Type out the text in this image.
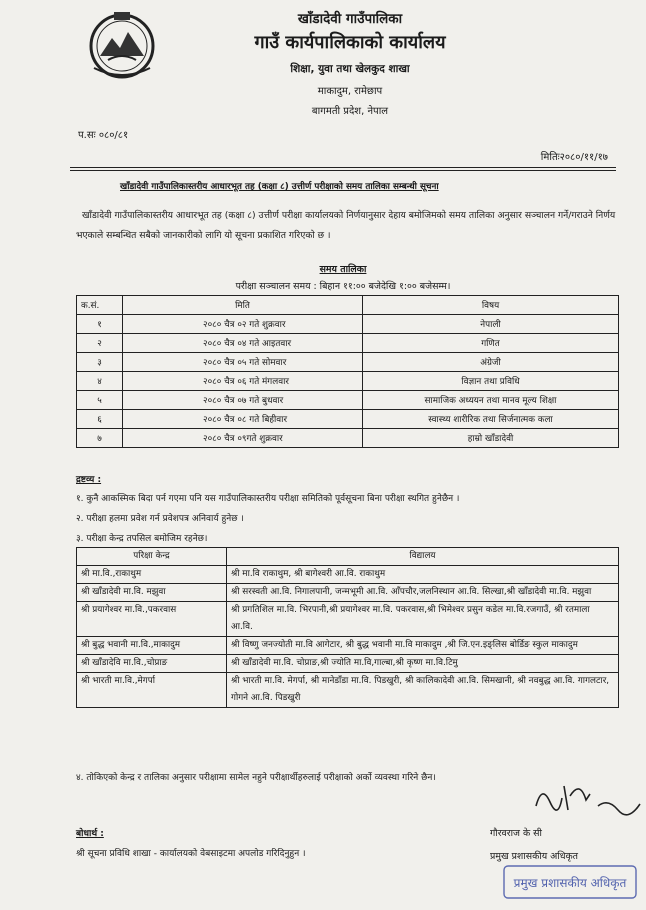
खाँडादेवी गाउँपालिका
गाउँ कार्यपालिकाको कार्यालय
शिक्षा, युवा तथा खेलकुद शाखा
माकादुम, रामेछाप
बागमती प्रदेश, नेपाल
प.सः ०८०/८१
मितिः२०८०/११/१७
खाँडादेवी गाउँपालिकास्तरीय आधारभूत तह (कक्षा ८) उत्तीर्ण परीक्षाको समय तालिका सम्बन्धी सूचना

खाँडादेवी गाउँपालिकास्तरीय आधारभूत तह (कक्षा ८) उत्तीर्ण परीक्षा कार्यालयको निर्णयानुसार देहाय बमोजिमको समय तालिका अनुसार सञ्चालन गर्ने/गराउने निर्णय भएकाले सम्बन्धित सबैको जानकारीको लागि यो सूचना प्रकाशित गरिएको छ ।

समय तालिका
परीक्षा सञ्चालन समय : बिहान ११:०० बजेदेखि १:०० बजेसम्म।
क.सं.	मिति	विषय
१	२०८० चैत्र ०२ गते शुक्रवार	नेपाली
२	२०८० चैत्र ०४ गते आइतवार	गणित
३	२०८० चैत्र ०५ गते सोमवार	अंग्रेजी
४	२०८० चैत्र ०६ गते मंगलवार	विज्ञान तथा प्रविधि
५	२०८० चैत्र ०७ गते बुधवार	सामाजिक अध्ययन तथा मानव मूल्य शिक्षा
६	२०८० चैत्र ०८ गते बिहीवार	स्वास्थ्य शारीरिक तथा सिर्जनात्मक कला
७	२०८० चैत्र ०९गते शुक्रवार	हाम्रो खाँडादेवी
द्रष्टव्य :
१. कुनै आकस्मिक बिदा पर्न गएमा पनि यस गाउँपालिकास्तरीय परीक्षा समितिको पूर्वसूचना बिना परीक्षा स्थगित हुनेछैन ।
२. परीक्षा हलमा प्रवेश गर्न प्रवेशपत्र अनिवार्य हुनेछ ।
३. परीक्षा केन्द्र तपसिल बमोजिम रहनेछ।
परिक्षा केन्द्र	विद्यालय
श्री मा.वि.,राकाथुम	श्री मा.वि राकाथुम, श्री बागेश्वरी आ.वि. राकाथुम
श्री खाँडादेवी मा.वि. मझुवा	श्री सरस्वती आ.वि. निगालपानी, जन्मभूमी आ.वि. आँपचौर,जलनिस्थान आ.वि. सिल्खा,श्री खाँडादेवी मा.वि. मझुवा
श्री प्रयागेश्वर मा.वि.,पकरवास	श्री प्रगतिशिल मा.वि. भिरपानी,श्री प्रयागेश्वर मा.वि. पकरवास,श्री भिमेश्वर प्रसुन कडेल मा.वि.रजगाउँ, श्री रतमाला आ.वि.
श्री बुद्ध भवानी मा.वि.,माकादुम	श्री विष्णु जनज्योती मा.वि आगेटार, श्री बुद्ध भवानी मा.वि माकादुम ,श्री जि.एन.इङ्लिस बोर्डिङ स्कुल माकादुम
श्री खाँडादेवि मा.वि.,चोप्राङ	श्री खाँडादेवी मा.वि. चोप्राङ,श्री ज्योति मा.वि,गाल्बा,श्री कृष्ण मा.वि.टिमु
श्री भारती मा.वि.,मेगर्पा	श्री भारती मा.वि. मेगर्पा, श्री मानेडाँडा मा.वि. पिडखुरी, श्री कालिकादेवी आ.वि. सिमखानी, श्री नवबुद्ध आ.वि. गागलटार, गोगने आ.वि. पिडखुरी
४. तोकिएको केन्द्र र तालिका अनुसार परीक्षामा सामेल नहुने परीक्षार्थीहरुलाई परीक्षाको अर्को व्यवस्था गरिने छैन।
गौरवराज के सी
प्रमुख प्रशासकीय अधिकृत
प्रमुख प्रशासकीय अधिकृत
बोधार्थ :
श्री सूचना प्रविधि शाखा - कार्यालयको वेबसाइटमा अपलोड गरिदिनुहुन ।
